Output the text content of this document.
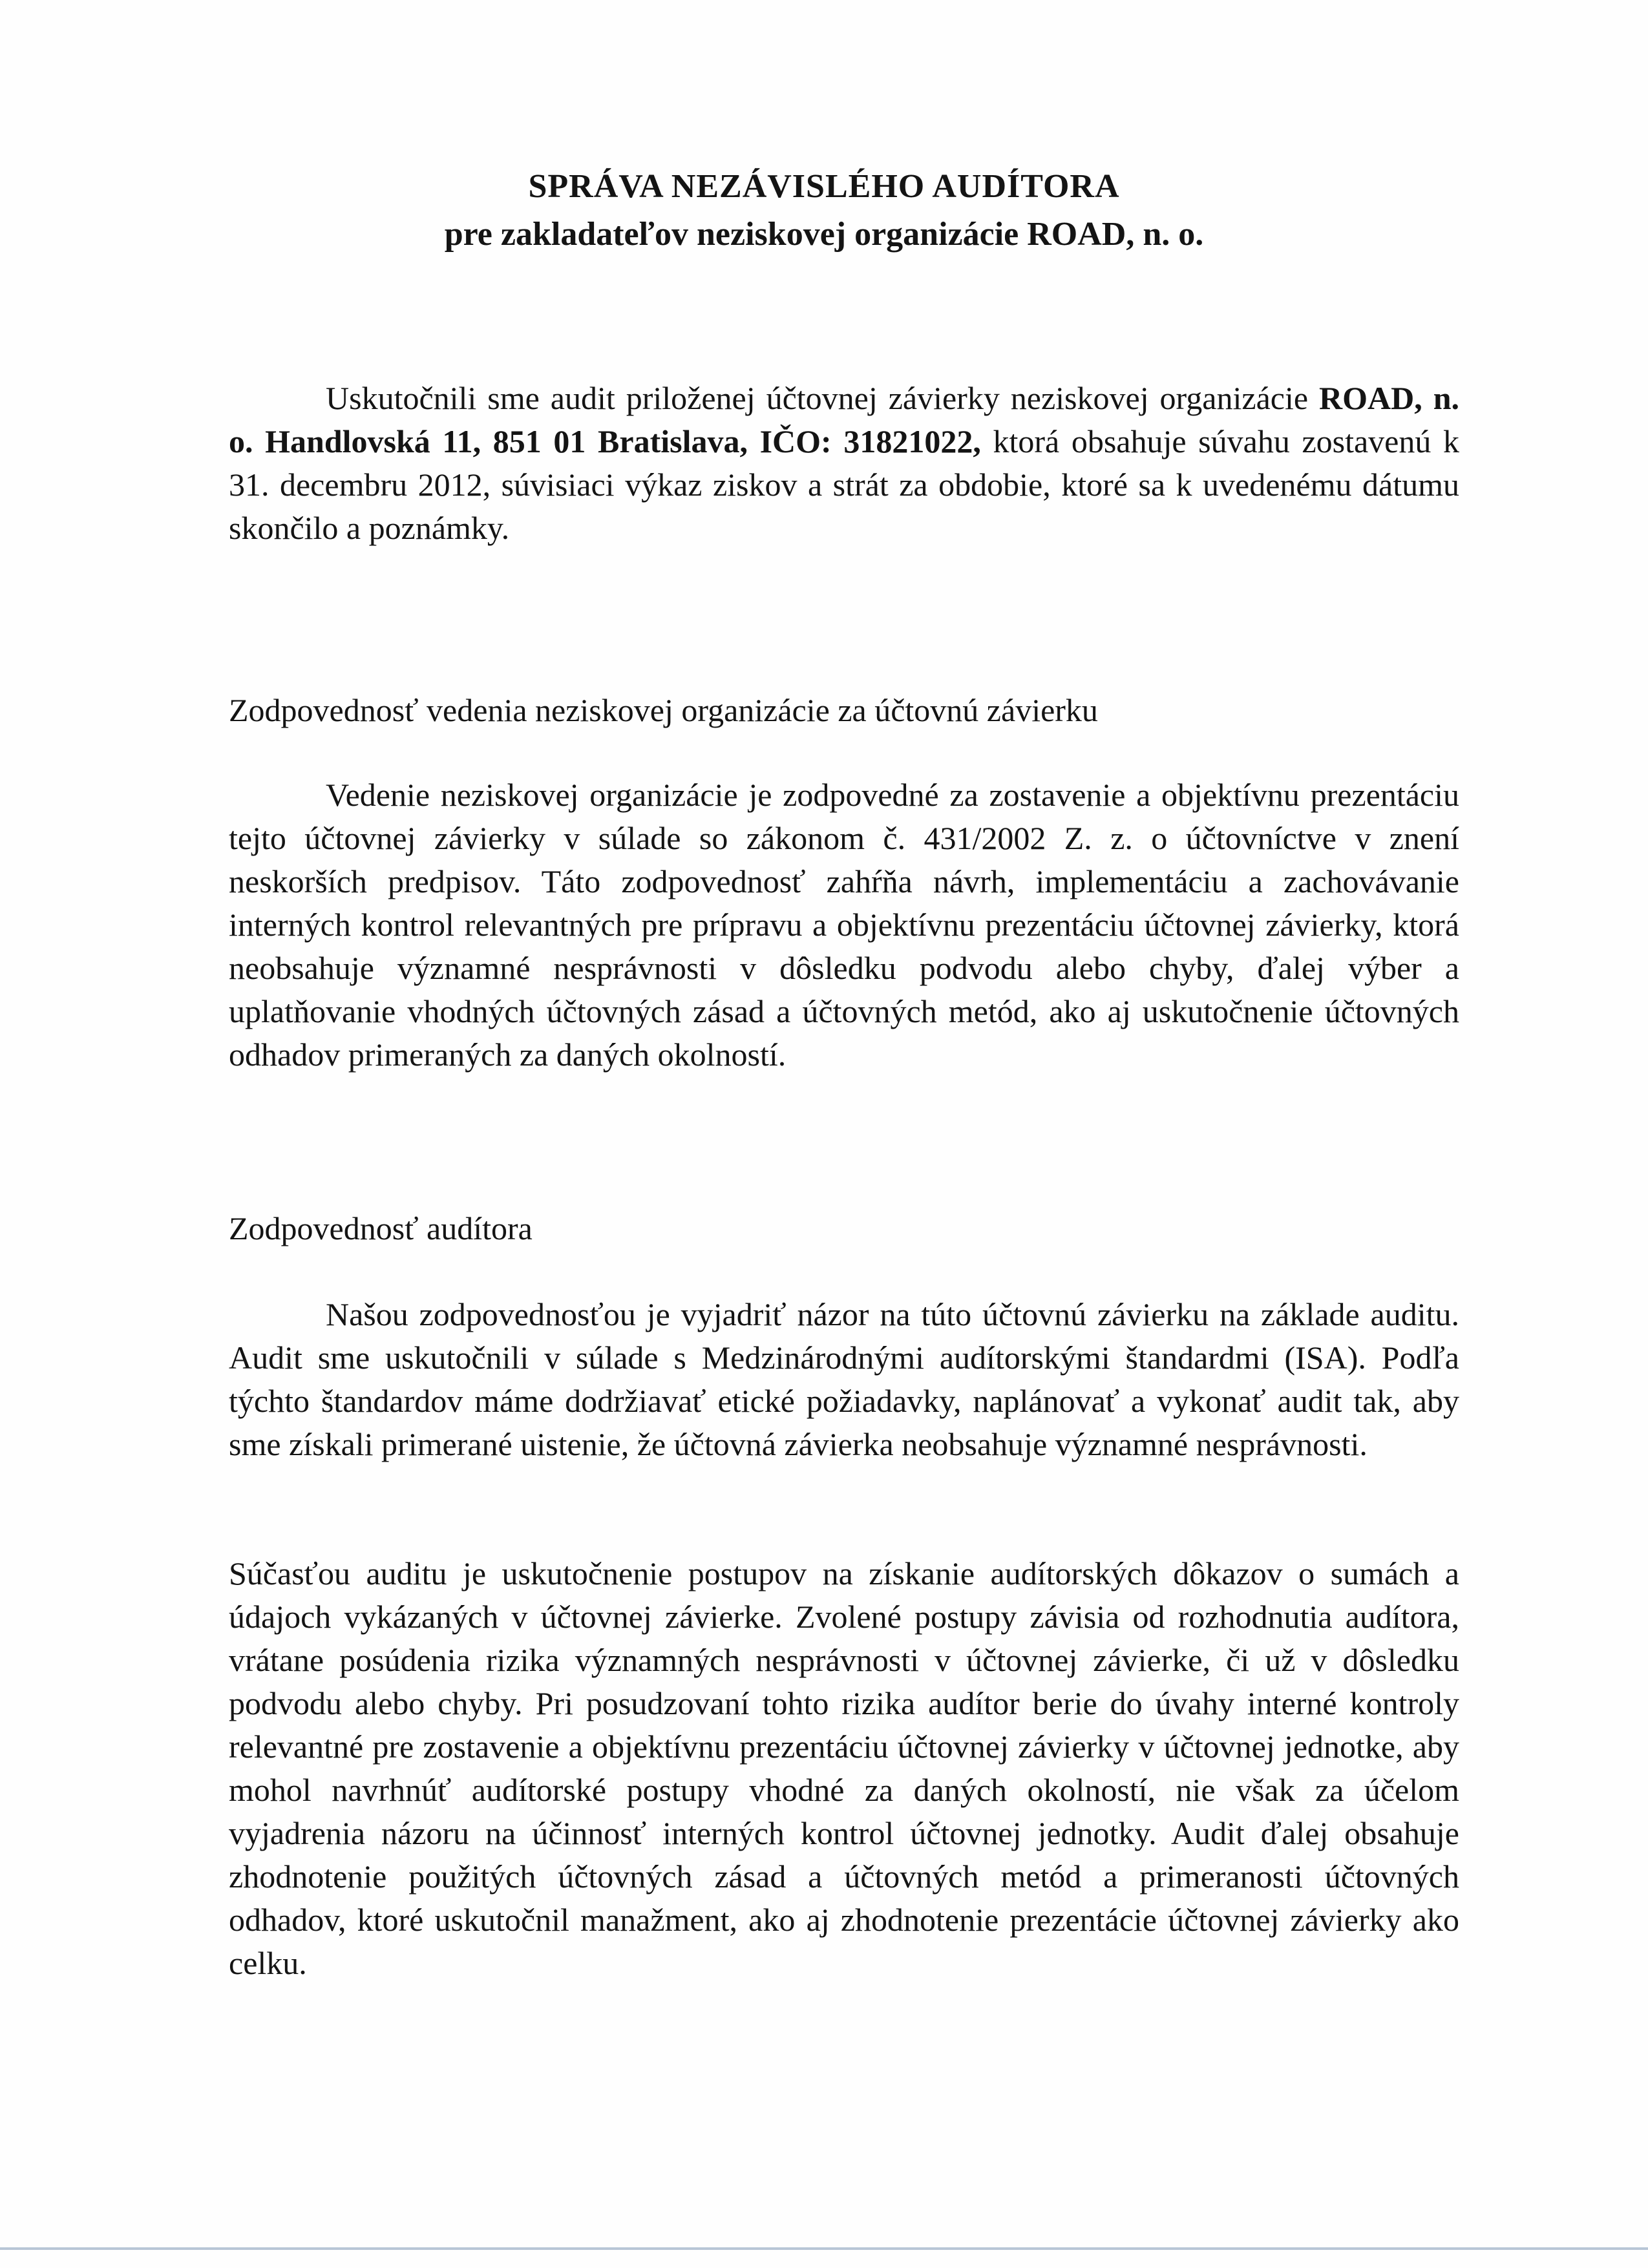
SPRÁVA NEZÁVISLÉHO AUDÍTORA
pre zakladateľov neziskovej organizácie ROAD, n. o.
Uskutočnili sme audit priloženej účtovnej závierky neziskovej organizácie ROAD, n. o. Handlovská 11, 851 01 Bratislava, IČO: 31821022, ktorá obsahuje súvahu zostavenú k 31. decembru 2012, súvisiaci výkaz ziskov a strát za obdobie, ktoré sa k uvedenému dátumu skončilo a poznámky.
Zodpovednosť vedenia neziskovej organizácie za účtovnú závierku
Vedenie neziskovej organizácie je zodpovedné za zostavenie a objektívnu prezentáciu tejto účtovnej závierky v súlade so zákonom č. 431/2002 Z. z. o účtovníctve v znení neskorších predpisov. Táto zodpovednosť zahŕňa návrh, implementáciu a zachovávanie interných kontrol relevantných pre prípravu a objektívnu prezentáciu účtovnej závierky, ktorá neobsahuje významné nesprávnosti v dôsledku podvodu alebo chyby, ďalej výber a uplatňovanie vhodných účtovných zásad a účtovných metód, ako aj uskutočnenie účtovných odhadov primeraných za daných okolností.
Zodpovednosť audítora
Našou zodpovednosťou je vyjadriť názor na túto účtovnú závierku na základe auditu. Audit sme uskutočnili v súlade s Medzinárodnými audítorskými štandardmi (ISA). Podľa týchto štandardov máme dodržiavať etické požiadavky, naplánovať a vykonať audit tak, aby sme získali primerané uistenie, že účtovná závierka neobsahuje významné nesprávnosti.
Súčasťou auditu je uskutočnenie postupov na získanie audítorských dôkazov o sumách a údajoch vykázaných v účtovnej závierke. Zvolené postupy závisia od rozhodnutia audítora, vrátane posúdenia rizika významných nesprávnosti v účtovnej závierke, či už v dôsledku podvodu alebo chyby. Pri posudzovaní tohto rizika audítor berie do úvahy interné kontroly relevantné pre zostavenie a objektívnu prezentáciu účtovnej závierky v účtovnej jednotke, aby mohol navrhnúť audítorské postupy vhodné za daných okolností, nie však za účelom vyjadrenia názoru na účinnosť interných kontrol účtovnej jednotky. Audit ďalej obsahuje zhodnotenie použitých účtovných zásad a účtovných metód a primeranosti účtovných odhadov, ktoré uskutočnil manažment, ako aj zhodnotenie prezentácie účtovnej závierky ako celku.
